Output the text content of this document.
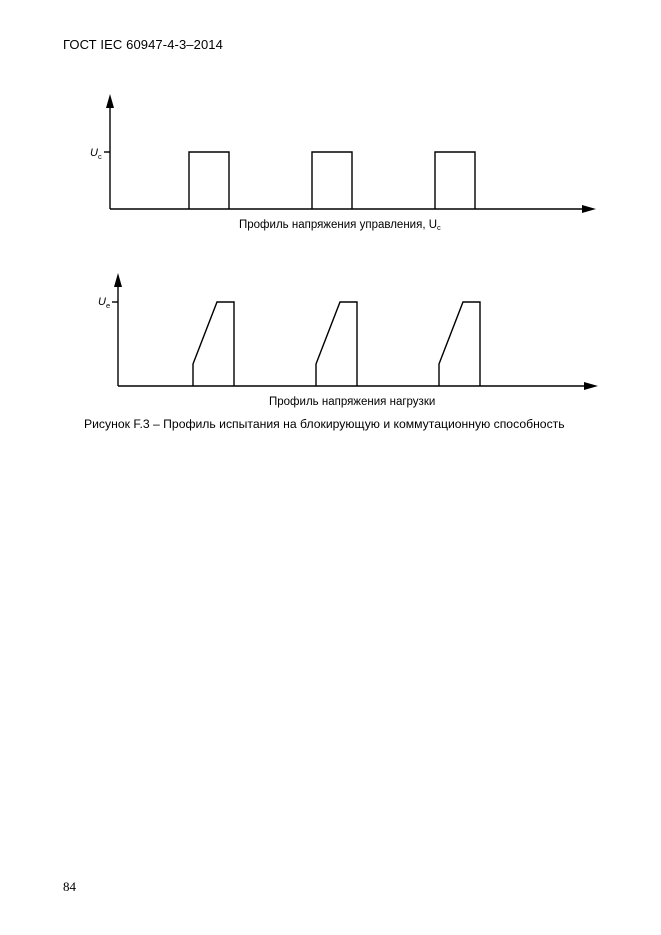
ГОСТ IEC 60947-4-3–2014
$U_c$
Профиль напряжения управления, Uc
$U_e$
Профиль напряжения нагрузки
Рисунок F.3 – Профиль испытания на блокирующую и коммутационную способность
84
